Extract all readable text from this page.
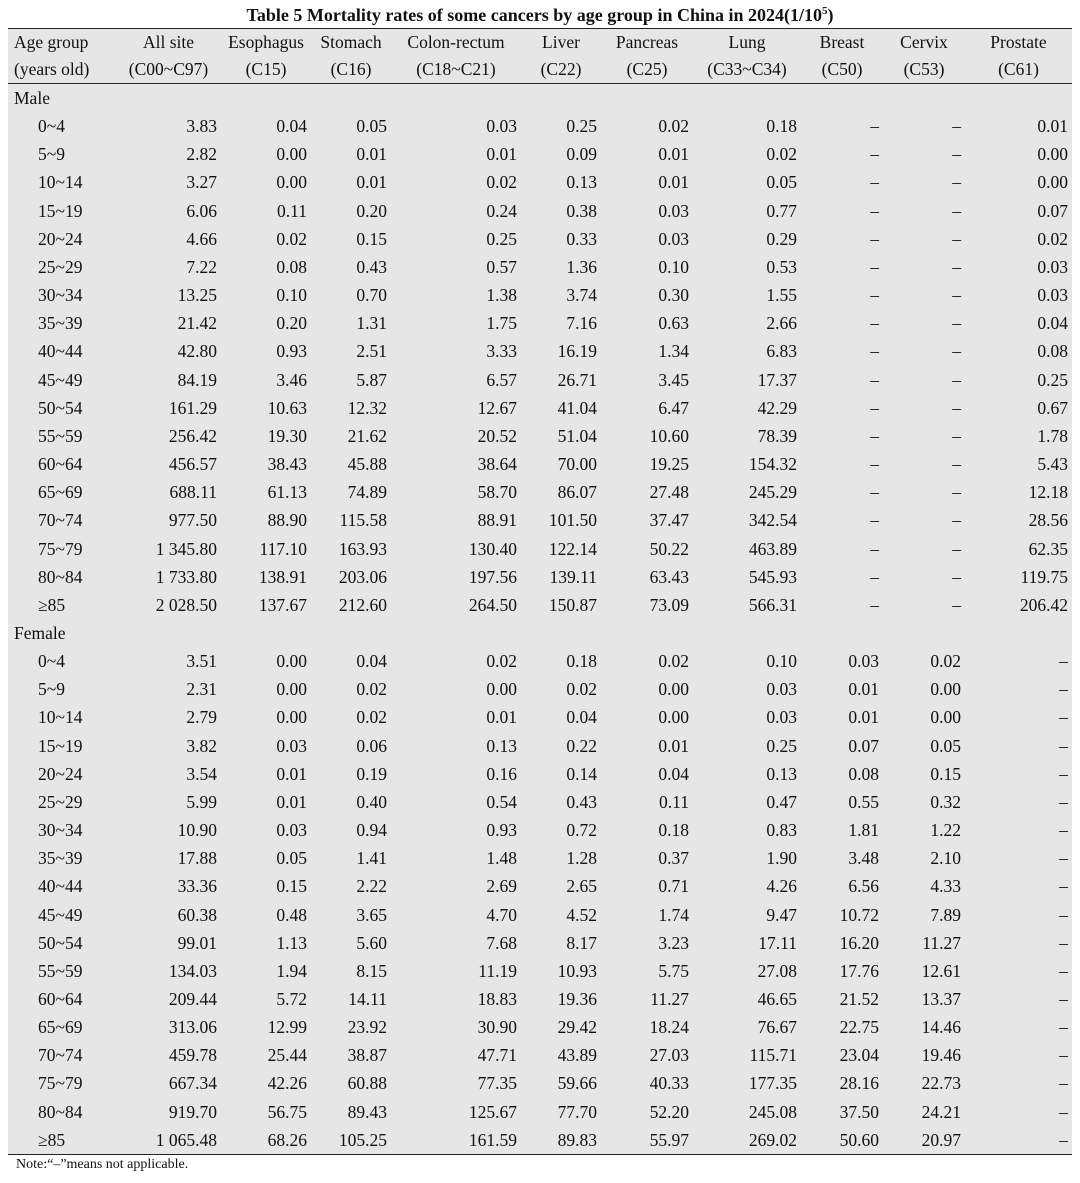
Table 5 Mortality rates of some cancers by age group in China in $2024(1/10^5)$
Age group	All site	Esophagus	Stomach	Colon-rectum	Liver	Pancreas	Lung	Breast	Cervix	Prostate
(years old)	(C00~C97)	(C15)	(C16)	(C18~C21)	(C22)	(C25)	(C33~C34)	(C50)	(C53)	(C61)
Male										
0~4	3.83	0.04	0.05	0.03	0.25	0.02	0.18	–	–	0.01
5~9	2.82	0.00	0.01	0.01	0.09	0.01	0.02	–	–	0.00
10~14	3.27	0.00	0.01	0.02	0.13	0.01	0.05	–	–	0.00
15~19	6.06	0.11	0.20	0.24	0.38	0.03	0.77	–	–	0.07
20~24	4.66	0.02	0.15	0.25	0.33	0.03	0.29	–	–	0.02
25~29	7.22	0.08	0.43	0.57	1.36	0.10	0.53	–	–	0.03
30~34	13.25	0.10	0.70	1.38	3.74	0.30	1.55	–	–	0.03
35~39	21.42	0.20	1.31	1.75	7.16	0.63	2.66	–	–	0.04
40~44	42.80	0.93	2.51	3.33	16.19	1.34	6.83	–	–	0.08
45~49	84.19	3.46	5.87	6.57	26.71	3.45	17.37	–	–	0.25
50~54	161.29	10.63	12.32	12.67	41.04	6.47	42.29	–	–	0.67
55~59	256.42	19.30	21.62	20.52	51.04	10.60	78.39	–	–	1.78
60~64	456.57	38.43	45.88	38.64	70.00	19.25	154.32	–	–	5.43
65~69	688.11	61.13	74.89	58.70	86.07	27.48	245.29	–	–	12.18
70~74	977.50	88.90	115.58	88.91	101.50	37.47	342.54	–	–	28.56
75~79	1 345.80	117.10	163.93	130.40	122.14	50.22	463.89	–	–	62.35
80~84	1 733.80	138.91	203.06	197.56	139.11	63.43	545.93	–	–	119.75
≥85	2 028.50	137.67	212.60	264.50	150.87	73.09	566.31	–	–	206.42
Female										
0~4	3.51	0.00	0.04	0.02	0.18	0.02	0.10	0.03	0.02	–
5~9	2.31	0.00	0.02	0.00	0.02	0.00	0.03	0.01	0.00	–
10~14	2.79	0.00	0.02	0.01	0.04	0.00	0.03	0.01	0.00	–
15~19	3.82	0.03	0.06	0.13	0.22	0.01	0.25	0.07	0.05	–
20~24	3.54	0.01	0.19	0.16	0.14	0.04	0.13	0.08	0.15	–
25~29	5.99	0.01	0.40	0.54	0.43	0.11	0.47	0.55	0.32	–
30~34	10.90	0.03	0.94	0.93	0.72	0.18	0.83	1.81	1.22	–
35~39	17.88	0.05	1.41	1.48	1.28	0.37	1.90	3.48	2.10	–
40~44	33.36	0.15	2.22	2.69	2.65	0.71	4.26	6.56	4.33	–
45~49	60.38	0.48	3.65	4.70	4.52	1.74	9.47	10.72	7.89	–
50~54	99.01	1.13	5.60	7.68	8.17	3.23	17.11	16.20	11.27	–
55~59	134.03	1.94	8.15	11.19	10.93	5.75	27.08	17.76	12.61	–
60~64	209.44	5.72	14.11	18.83	19.36	11.27	46.65	21.52	13.37	–
65~69	313.06	12.99	23.92	30.90	29.42	18.24	76.67	22.75	14.46	–
70~74	459.78	25.44	38.87	47.71	43.89	27.03	115.71	23.04	19.46	–
75~79	667.34	42.26	60.88	77.35	59.66	40.33	177.35	28.16	22.73	–
80~84	919.70	56.75	89.43	125.67	77.70	52.20	245.08	37.50	24.21	–
≥85	1 065.48	68.26	105.25	161.59	89.83	55.97	269.02	50.60	20.97	–
Note:“–”means not applicable.
